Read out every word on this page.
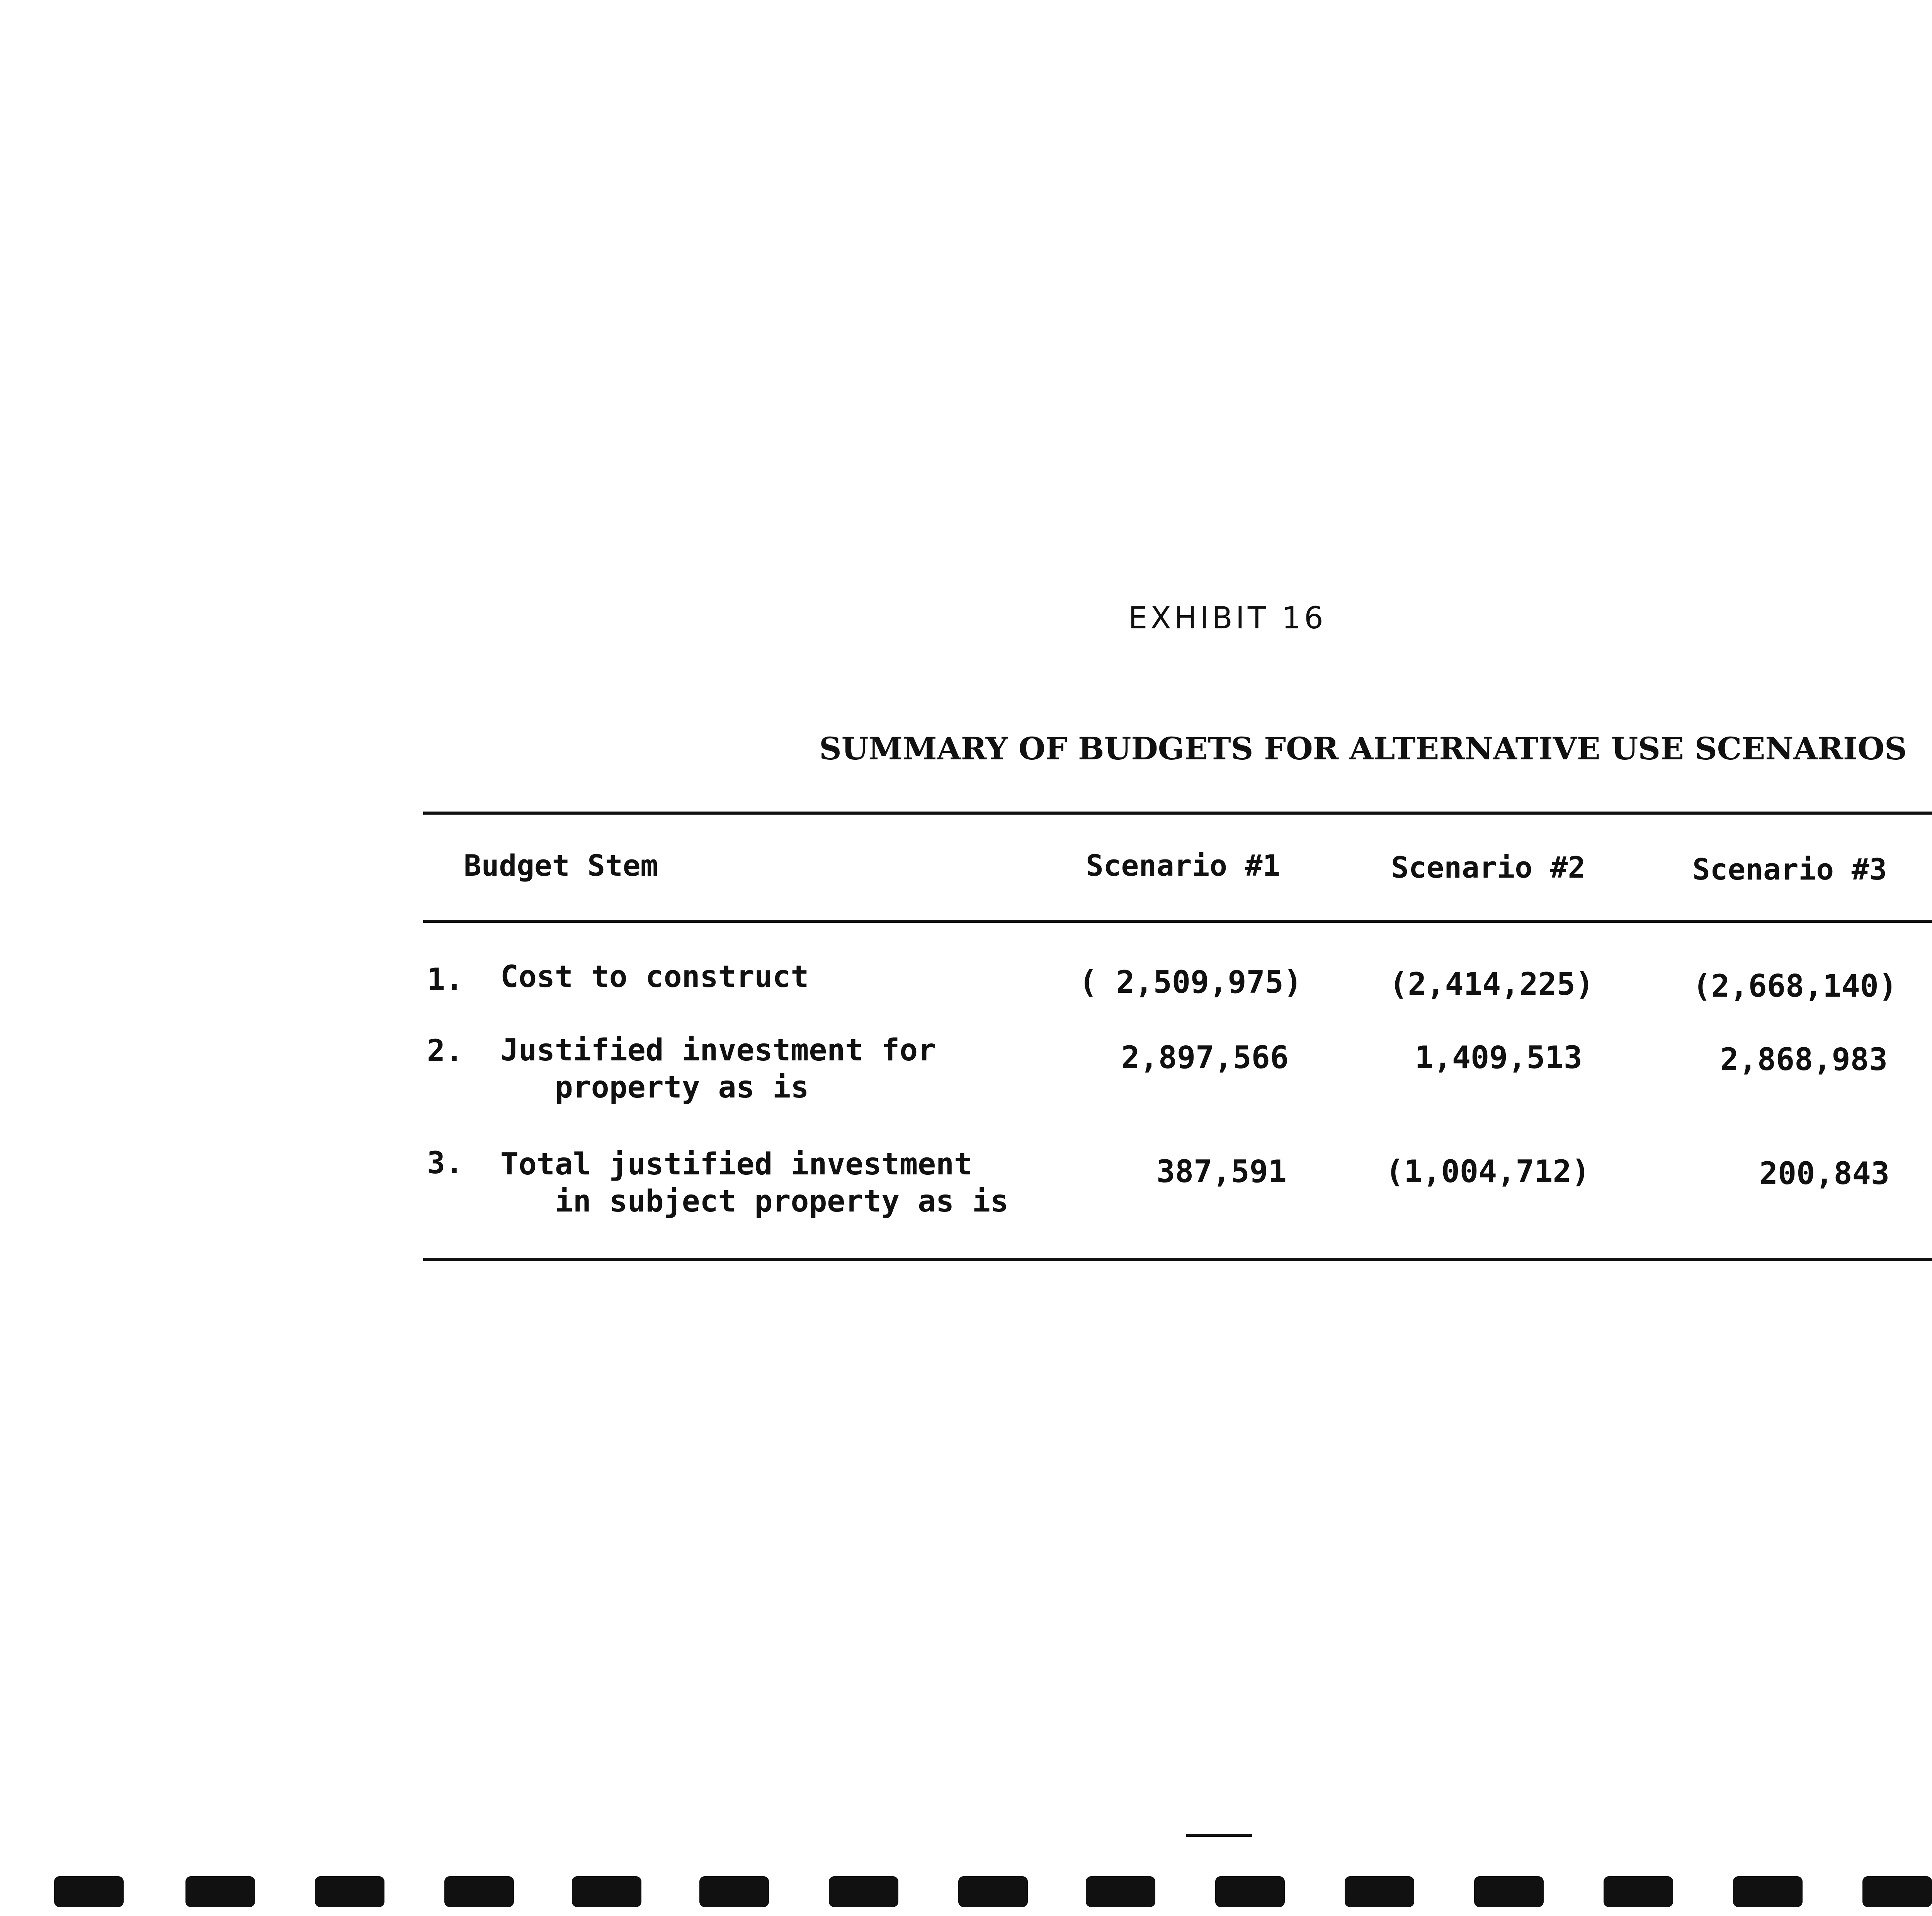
EXHIBIT 16
SUMMARY OF BUDGETS FOR ALTERNATIVE USE SCENARIOS
Budget Stem	Scenario #1	Scenario #2	Scenario #3
1. Cost to construct	( 2,509,975)	(2,414,225)	(2,668,140)
2. Justified investment for
property as is
2,897,566	1,409,513	2,868,983
3. Total justified investment
in subject property as is
387,591	(1,004,712)	200,843
